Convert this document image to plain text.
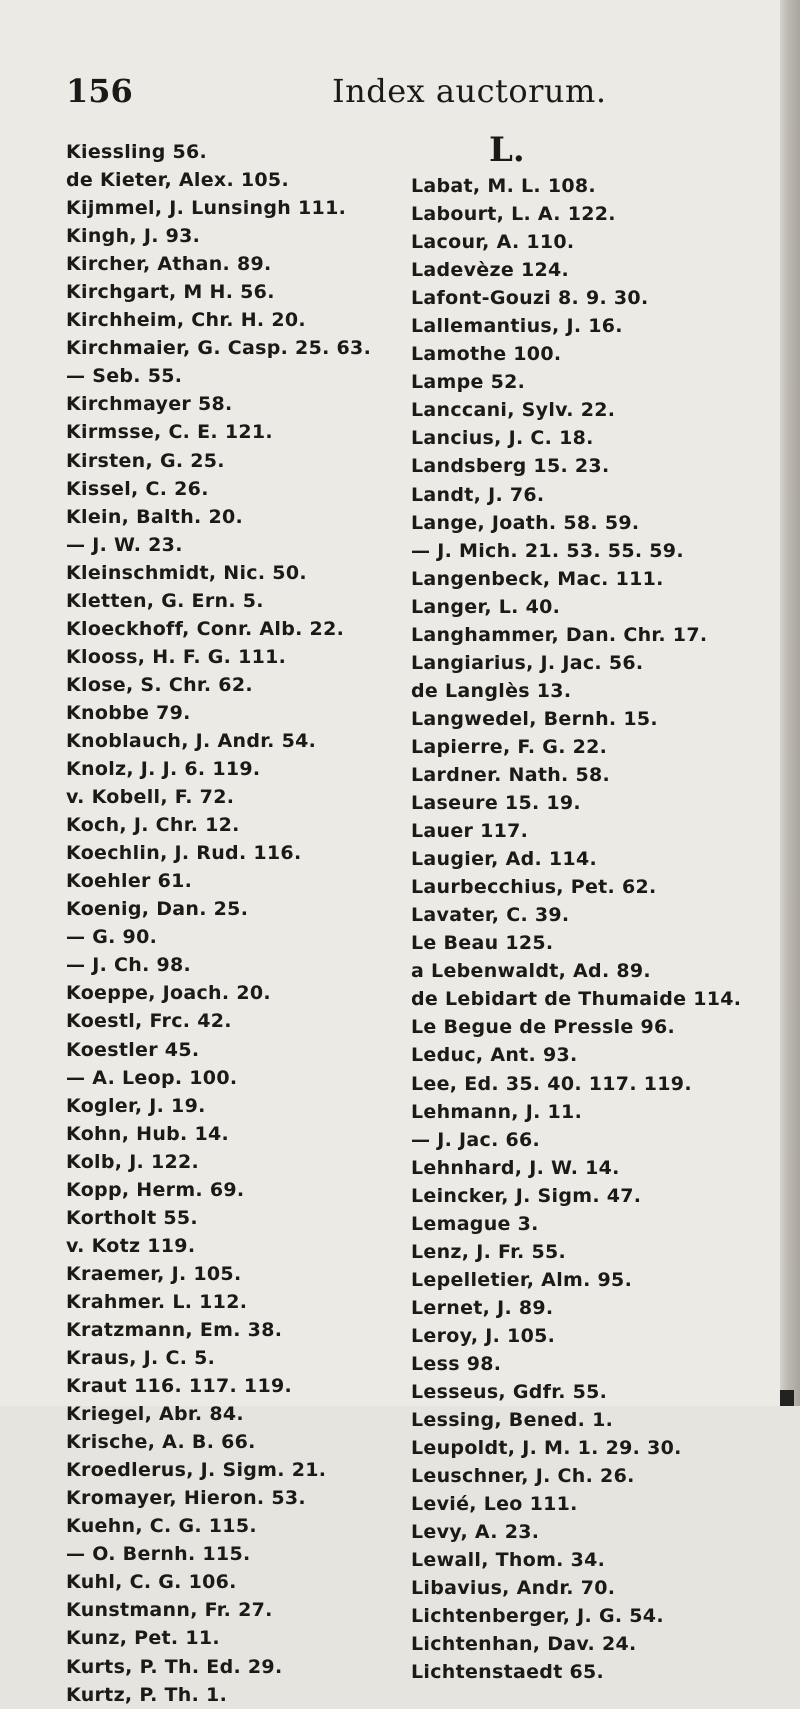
156	Index auctorum.
L.
Kiessling 56.
de Kieter, Alex. 105.
Kijmmel, J. Lunsingh 111.
Kingh, J. 93.
Kircher, Athan. 89.
Kirchgart, M H. 56.
Kirchheim, Chr. H. 20.
Kirchmaier, G. Casp. 25. 63.
— Seb. 55.
Kirchmayer 58.
Kirmsse, C. E. 121.
Kirsten, G. 25.
Kissel, C. 26.
Klein, Balth. 20.
— J. W. 23.
Kleinschmidt, Nic. 50.
Kletten, G. Ern. 5.
Kloeckhoff, Conr. Alb. 22.
Klooss, H. F. G. 111.
Klose, S. Chr. 62.
Knobbe 79.
Knoblauch, J. Andr. 54.
Knolz, J. J. 6. 119.
v. Kobell, F. 72.
Koch, J. Chr. 12.
Koechlin, J. Rud. 116.
Koehler 61.
Koenig, Dan. 25.
— G. 90.
— J. Ch. 98.
Koeppe, Joach. 20.
Koestl, Frc. 42.
Koestler 45.
— A. Leop. 100.
Kogler, J. 19.
Kohn, Hub. 14.
Kolb, J. 122.
Kopp, Herm. 69.
Kortholt 55.
v. Kotz 119.
Kraemer, J. 105.
Krahmer. L. 112.
Kratzmann, Em. 38.
Kraus, J. C. 5.
Kraut 116. 117. 119.
Kriegel, Abr. 84.
Krische, A. B. 66.
Kroedlerus, J. Sigm. 21.
Kromayer, Hieron. 53.
Kuehn, C. G. 115.
— O. Bernh. 115.
Kuhl, C. G. 106.
Kunstmann, Fr. 27.
Kunz, Pet. 11.
Kurts, P. Th. Ed. 29.
Kurtz, P. Th. 1.
Labat, M. L. 108.
Labourt, L. A. 122.
Lacour, A. 110.
Ladevèze 124.
Lafont-Gouzi 8. 9. 30.
Lallemantius, J. 16.
Lamothe 100.
Lampe 52.
Lanccani, Sylv. 22.
Lancius, J. C. 18.
Landsberg 15. 23.
Landt, J. 76.
Lange, Joath. 58. 59.
— J. Mich. 21. 53. 55. 59.
Langenbeck, Mac. 111.
Langer, L. 40.
Langhammer, Dan. Chr. 17.
Langiarius, J. Jac. 56.
de Langlès 13.
Langwedel, Bernh. 15.
Lapierre, F. G. 22.
Lardner. Nath. 58.
Laseure 15. 19.
Lauer 117.
Laugier, Ad. 114.
Laurbecchius, Pet. 62.
Lavater, C. 39.
Le Beau 125.
a Lebenwaldt, Ad. 89.
de Lebidart de Thumaide 114.
Le Begue de Pressle 96.
Leduc, Ant. 93.
Lee, Ed. 35. 40. 117. 119.
Lehmann, J. 11.
— J. Jac. 66.
Lehnhard, J. W. 14.
Leincker, J. Sigm. 47.
Lemague 3.
Lenz, J. Fr. 55.
Lepelletier, Alm. 95.
Lernet, J. 89.
Leroy, J. 105.
Less 98.
Lesseus, Gdfr. 55.
Lessing, Bened. 1.
Leupoldt, J. M. 1. 29. 30.
Leuschner, J. Ch. 26.
Levié, Leo 111.
Levy, A. 23.
Lewall, Thom. 34.
Libavius, Andr. 70.
Lichtenberger, J. G. 54.
Lichtenhan, Dav. 24.
Lichtenstaedt 65.
